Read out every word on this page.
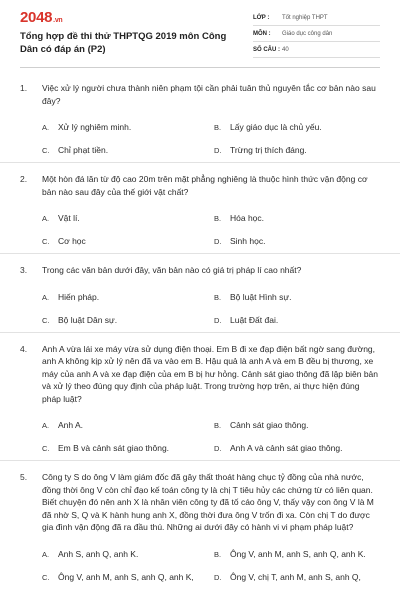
2048.vn
Tổng hợp đề thi thử THPTQG 2019 môn Công Dân có đáp án (P2)
LỚP :	Tốt nghiệp THPT
MÔN :	Giáo dục công dân
SỐ CÂU : 40
1. Việc xử lý người chưa thành niên phạm tội cần phải tuân thủ nguyên tắc cơ bản nào sau đây?
A.	Xử lý nghiêm minh.	B.	Lấy giáo dục là chủ yếu.
C.	Chỉ phạt tiền.	D.	Trừng trị thích đáng.
2. Một hòn đá lăn từ độ cao 20m trên mặt phẳng nghiêng là thuộc hình thức vận động cơ bản nào sau đây của thế giới vật chất?
A.	Vật lí.	B.	Hóa học.
C.	Cơ học	D.	Sinh học.
3. Trong các văn bản dưới đây, văn bản nào có giá trị pháp lí cao nhất?
A.	Hiến pháp.	B.	Bộ luật Hình sự.
C.	Bộ luật Dân sự.	D.	Luật Đất đai.
4. Anh A vừa lái xe máy vừa sử dụng điện thoại. Em B đi xe đạp điện bất ngờ sang đường, anh A không kịp xử lý nên đã va vào em B. Hậu quả là anh A và em B đều bị thương, xe máy của anh A và xe đạp điện của em B bị hư hỏng. Cảnh sát giao thông đã lập biên bản và xử lý theo đúng quy định của pháp luật. Trong trường hợp trên, ai thực hiện đúng pháp luật?
A.	Anh A.	B.	Cảnh sát giao thông.
C.	Em B và cảnh sát giao thông.	D.	Anh A và cảnh sát giao thông.
5. Công ty S do ông V làm giám đốc đã gây thất thoát hàng chục tỷ đồng của nhà nước, đồng thời ông V còn chỉ đạo kế toán công ty là chị T tiêu hủy các chứng từ có liên quan. Biết chuyện đó nên anh X là nhân viên công ty đã tố cáo ông V, thấy vậy con ông V là M đã nhờ S, Q và K hành hung anh X, đồng thời đưa ông V trốn đi xa. Còn chị T do được gia đình vận động đã ra đầu thú. Những ai dưới đây có hành vi vi phạm pháp luật?
A.	Anh S, anh Q, anh K.	B.	Ông V, anh M, anh S, anh Q, anh K.
C.	Ông V, anh M, anh S, anh Q, anh K,	D.	Ông V, chị T, anh M, anh S, anh Q,
